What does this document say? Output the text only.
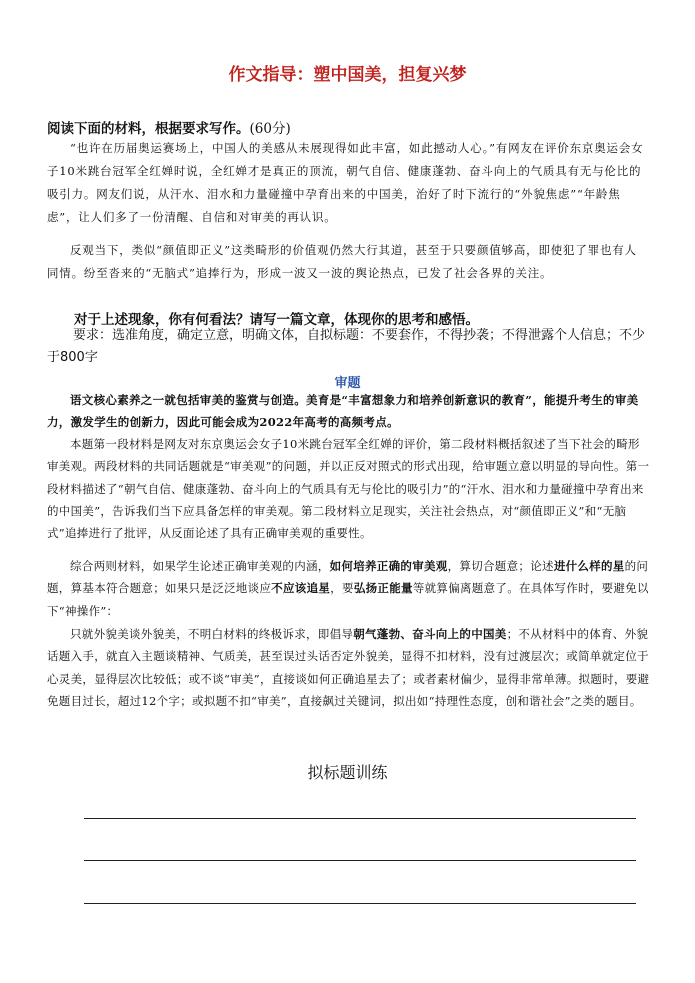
作文指导：塑中国美，担复兴梦
阅读下面的材料，根据要求写作。(60分)

“也许在历届奥运赛场上，中国人的美感从未展现得如此丰富，如此撼动人心。”有网友在评价东京奥运会女子10米跳台冠军全红婵时说，全红婵才是真正的顶流，朝气自信、健康蓬勃、奋斗向上的气质具有无与伦比的吸引力。网友们说，从汗水、泪水和力量碰撞中孕育出来的中国美，治好了时下流行的“外貌焦虑”“年龄焦虑”，让人们多了一份清醒、自信和对审美的再认识。

反观当下，类似“颜值即正义”这类畸形的价值观仍然大行其道，甚至于只要颜值够高，即使犯了罪也有人同情。纷至沓来的“无脑式”追捧行为，形成一波又一波的舆论热点，已发了社会各界的关注。

对于上述现象，你有何看法？请写一篇文章，体现你的思考和感悟。

要求：选准角度，确定立意，明确文体，自拟标题：不要套作，不得抄袭；不得泄露个人信息；不少于800字

审题

语文核心素养之一就包括审美的鉴赏与创造。美育是“丰富想象力和培养创新意识的教育”，能提升考生的审美力，激发学生的创新力，因此可能会成为2022年高考的高频考点。

本题第一段材料是网友对东京奥运会女子10米跳台冠军全红婵的评价，第二段材料概括叙述了当下社会的畸形审美观。两段材料的共同话题就是“审美观”的问题，并以正反对照式的形式出现，给审题立意以明显的导向性。第一段材料描述了“朝气自信、健康蓬勃、奋斗向上的气质具有无与伦比的吸引力”的“汗水、泪水和力量碰撞中孕育出来的中国美”，告诉我们当下应具备怎样的审美观。第二段材料立足现实，关注社会热点，对“颜值即正义”和“无脑式”追捧进行了批评，从反面论述了具有正确审美观的重要性。

综合两则材料，如果学生论述正确审美观的内涵，如何培养正确的审美观，算切合题意；论述进什么样的星的问题，算基本符合题意；如果只是泛泛地谈应不应该追星，要弘扬正能量等就算偏离题意了。在具体写作时，要避免以下“神操作”：

只就外貌美谈外貌美，不明白材料的终极诉求，即倡导朝气蓬勃、奋斗向上的中国美；不从材料中的体育、外貌话题入手，就直入主题谈精神、气质美，甚至误过头话否定外貌美，显得不扣材料，没有过渡层次；或简单就定位于心灵美，显得层次比较低；或不谈“审美”，直接谈如何正确追星去了；或者素材偏少，显得非常单薄。拟题时，要避免题目过长，超过12个字；或拟题不扣“审美”，直接飙过关键词，拟出如“持理性态度，创和谐社会”之类的题目。

拟标题训练
